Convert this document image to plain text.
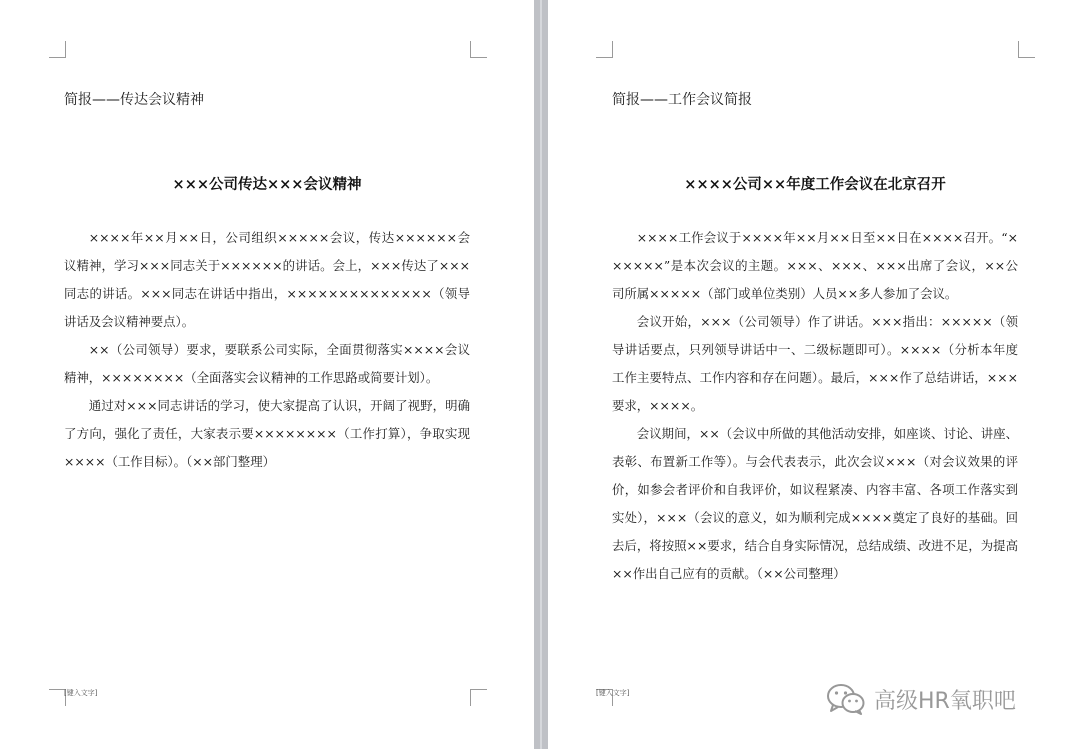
简报——传达会议精神
×××公司传达×××会议精神

××××年××月××日，公司组织×××××会议，传达××××××会议精神，学习×××同志关于××××××的讲话。会上，×××传达了×××同志的讲话。×××同志在讲话中指出，××××××××××××××（领导讲话及会议精神要点）。

××（公司领导）要求，要联系公司实际，全面贯彻落实××××会议精神，××××××××（全面落实会议精神的工作思路或简要计划）。

通过对×××同志讲话的学习，使大家提高了认识，开阔了视野，明确了方向，强化了责任，大家表示要××××××××（工作打算），争取实现××××（工作目标）。（××部门整理）

[键入文字]
简报——工作会议简报
××××公司××年度工作会议在北京召开

××××工作会议于××××年××月××日至××日在××××召开。“××××××”是本次会议的主题。×××、×××、×××出席了会议，××公司所属×××××（部门或单位类别）人员××多人参加了会议。

会议开始，×××（公司领导）作了讲话。×××指出：×××××（领导讲话要点，只列领导讲话中一、二级标题即可）。××××（分析本年度工作主要特点、工作内容和存在问题）。最后，×××作了总结讲话，×××要求，××××。

会议期间，××（会议中所做的其他活动安排，如座谈、讨论、讲座、表彰、布置新工作等）。与会代表表示，此次会议×××（对会议效果的评价，如参会者评价和自我评价，如议程紧凑、内容丰富、各项工作落实到实处），×××（会议的意义，如为顺利完成××××奠定了良好的基础。回去后，将按照××要求，结合自身实际情况，总结成绩、改进不足，为提高××作出自己应有的贡献。（××公司整理）

[键入文字]	高级HR氧职吧
